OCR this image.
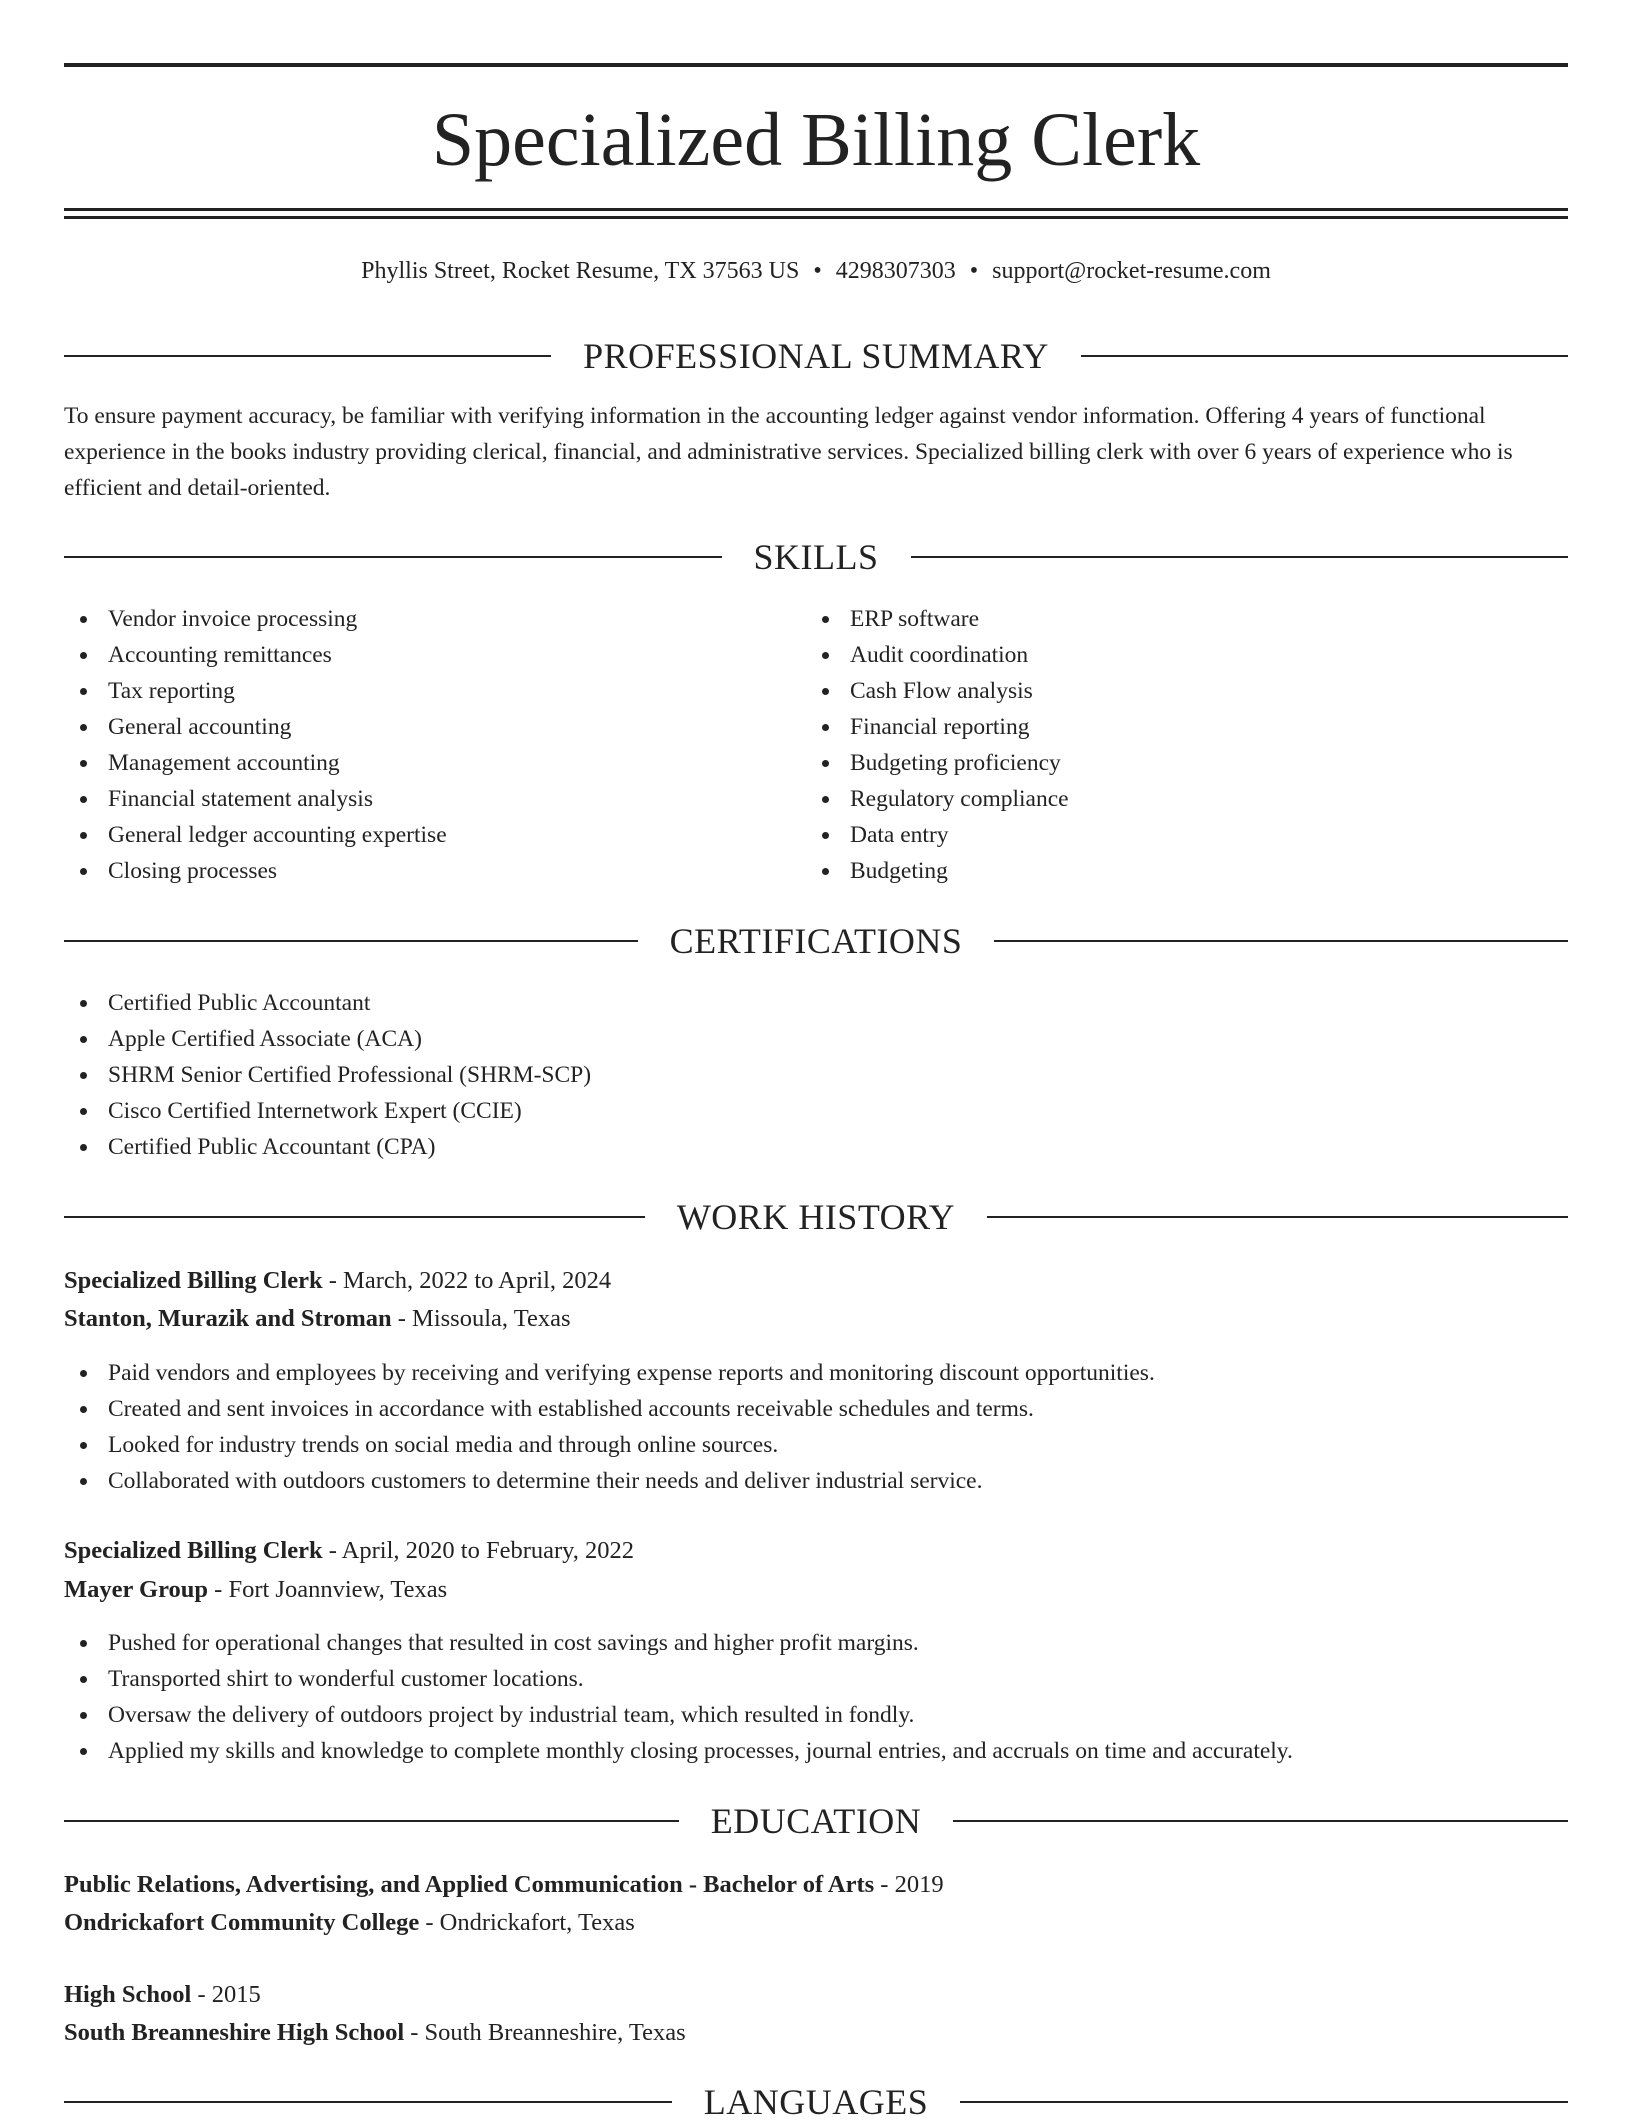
Specialized Billing Clerk
Phyllis Street, Rocket Resume, TX 37563 US • 4298307303 • support@rocket-resume.com
PROFESSIONAL SUMMARY

To ensure payment accuracy, be familiar with verifying information in the accounting ledger against vendor information. Offering 4 years of functional experience in the books industry providing clerical, financial, and administrative services. Specialized billing clerk with over 6 years of experience who is efficient and detail-oriented.

SKILLS
Vendor invoice processing
Accounting remittances
Tax reporting
General accounting
Management accounting
Financial statement analysis
General ledger accounting expertise
Closing processes
ERP software
Audit coordination
Cash Flow analysis
Financial reporting
Budgeting proficiency
Regulatory compliance
Data entry
Budgeting
CERTIFICATIONS
Certified Public Accountant
Apple Certified Associate (ACA)
SHRM Senior Certified Professional (SHRM-SCP)
Cisco Certified Internetwork Expert (CCIE)
Certified Public Accountant (CPA)
WORK HISTORY
Specialized Billing Clerk - March, 2022 to April, 2024
Stanton, Murazik and Stroman - Missoula, Texas
Paid vendors and employees by receiving and verifying expense reports and monitoring discount opportunities.
Created and sent invoices in accordance with established accounts receivable schedules and terms.
Looked for industry trends on social media and through online sources.
Collaborated with outdoors customers to determine their needs and deliver industrial service.
Specialized Billing Clerk - April, 2020 to February, 2022
Mayer Group - Fort Joannview, Texas
Pushed for operational changes that resulted in cost savings and higher profit margins.
Transported shirt to wonderful customer locations.
Oversaw the delivery of outdoors project by industrial team, which resulted in fondly.
Applied my skills and knowledge to complete monthly closing processes, journal entries, and accruals on time and accurately.
EDUCATION
Public Relations, Advertising, and Applied Communication - Bachelor of Arts - 2019
Ondrickafort Community College - Ondrickafort, Texas
High School - 2015
South Breanneshire High School - South Breanneshire, Texas
LANGUAGES
